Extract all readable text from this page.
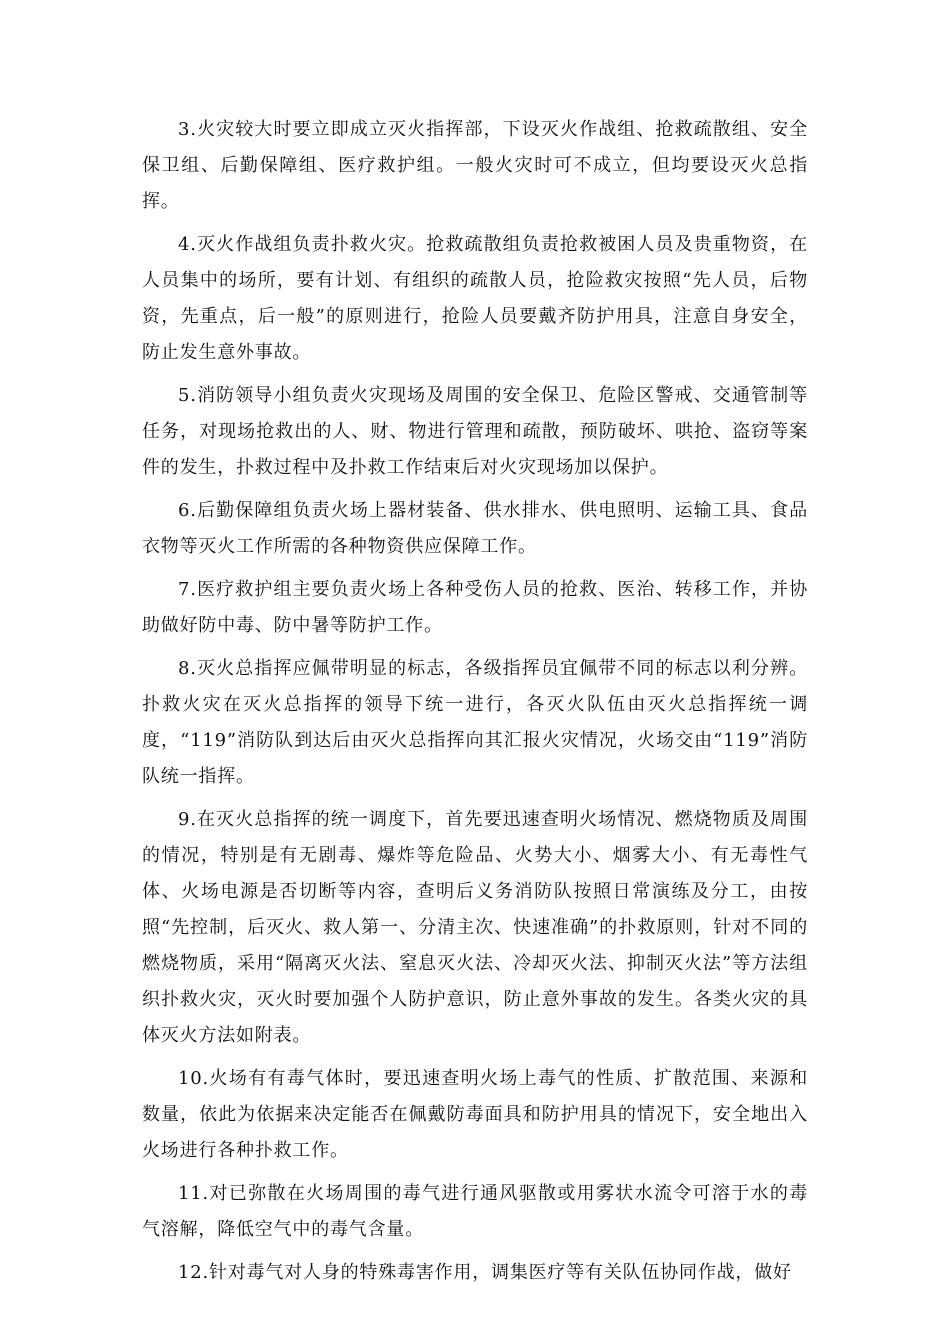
3.火灾较大时要立即成立灭火指挥部，下设灭火作战组、抢救疏散组、安全保卫组、后勤保障组、医疗救护组。一般火灾时可不成立，但均要设灭火总指挥。

4.灭火作战组负责扑救火灾。抢救疏散组负责抢救被困人员及贵重物资，在人员集中的场所，要有计划、有组织的疏散人员，抢险救灾按照“先人员，后物资，先重点，后一般”的原则进行，抢险人员要戴齐防护用具，注意自身安全，防止发生意外事故。

5.消防领导小组负责火灾现场及周围的安全保卫、危险区警戒、交通管制等任务，对现场抢救出的人、财、物进行管理和疏散，预防破坏、哄抢、盗窃等案件的发生，扑救过程中及扑救工作结束后对火灾现场加以保护。

6.后勤保障组负责火场上器材装备、供水排水、供电照明、运输工具、食品衣物等灭火工作所需的各种物资供应保障工作。

7.医疗救护组主要负责火场上各种受伤人员的抢救、医治、转移工作，并协助做好防中毒、防中暑等防护工作。

8.灭火总指挥应佩带明显的标志，各级指挥员宜佩带不同的标志以利分辨。扑救火灾在灭火总指挥的领导下统一进行，各灭火队伍由灭火总指挥统一调度，“119”消防队到达后由灭火总指挥向其汇报火灾情况，火场交由“119”消防队统一指挥。

9.在灭火总指挥的统一调度下，首先要迅速查明火场情况、燃烧物质及周围的情况，特别是有无剧毒、爆炸等危险品、火势大小、烟雾大小、有无毒性气体、火场电源是否切断等内容，查明后义务消防队按照日常演练及分工，由按照“先控制，后灭火、救人第一、分清主次、快速准确”的扑救原则，针对不同的燃烧物质，采用“隔离灭火法、窒息灭火法、冷却灭火法、抑制灭火法”等方法组织扑救火灾，灭火时要加强个人防护意识，防止意外事故的发生。各类火灾的具体灭火方法如附表。

10.火场有有毒气体时，要迅速查明火场上毒气的性质、扩散范围、来源和数量，依此为依据来决定能否在佩戴防毒面具和防护用具的情况下，安全地出入火场进行各种扑救工作。

11.对已弥散在火场周围的毒气进行通风驱散或用雾状水流令可溶于水的毒气溶解，降低空气中的毒气含量。

12.针对毒气对人身的特殊毒害作用，调集医疗等有关队伍协同作战，做好
